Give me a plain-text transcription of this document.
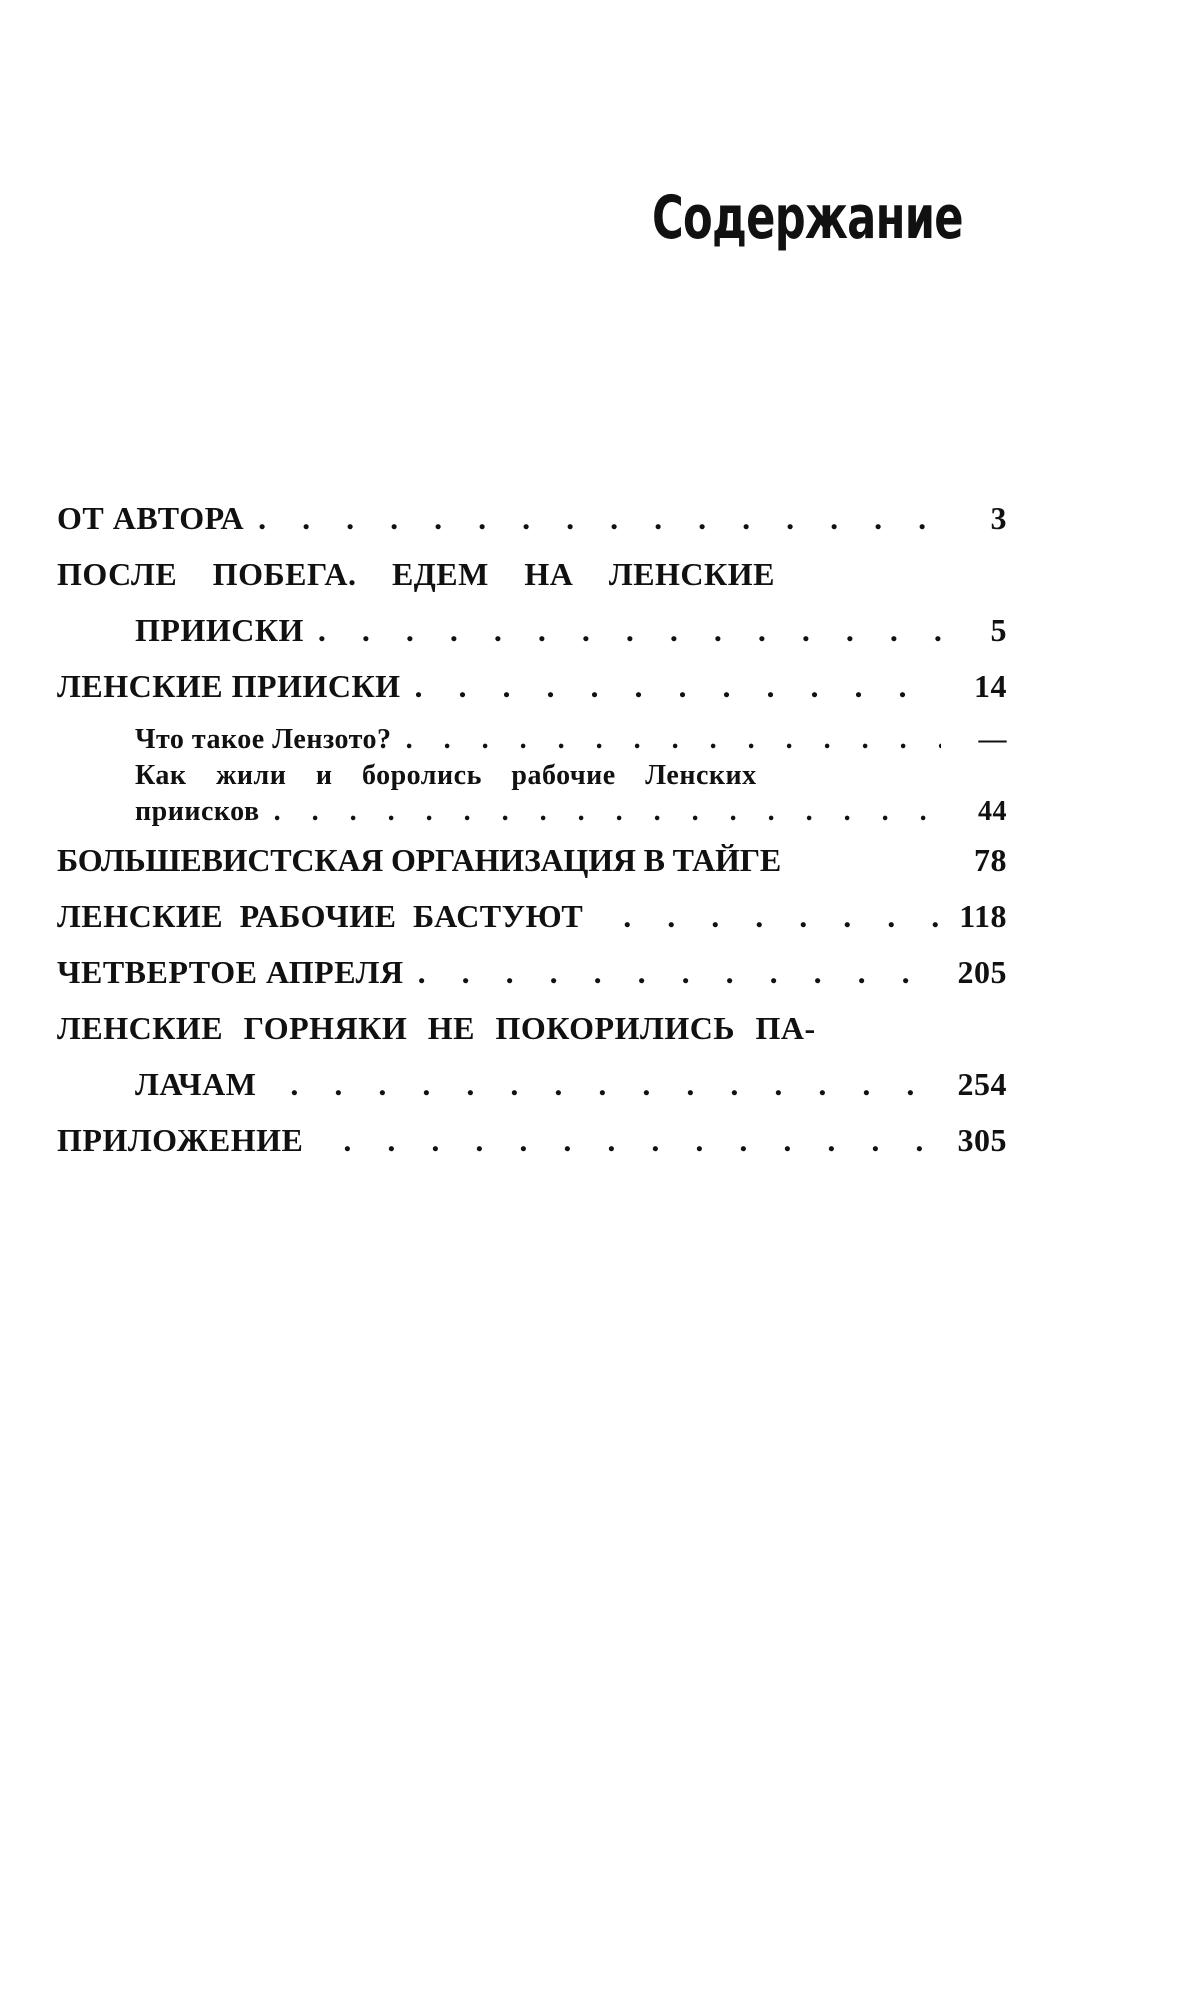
Содержание
ОТ АВТОРА . . .	3
ПОСЛЕ ПОБЕГА. ЕДЕМ НА ЛЕНСКИЕ
ПРИИСКИ . . .	5
ЛЕНСКИЕ ПРИИСКИ . . .	14
Что такое Лензото? . . .	—
Как жили и боролись рабочие Ленских
приисков . . .	44
БОЛЬШЕВИСТСКАЯ ОРГАНИЗАЦИЯ В ТАЙГЕ	78
ЛЕНСКИЕ РАБОЧИЕ БАСТУЮТ . . .	118
ЧЕТВЕРТОЕ АПРЕЛЯ . . .	205
ЛЕНСКИЕ ГОРНЯКИ НЕ ПОКОРИЛИСЬ ПА-
ЛАЧАМ . . .	254
ПРИЛОЖЕНИЕ . . .	305
